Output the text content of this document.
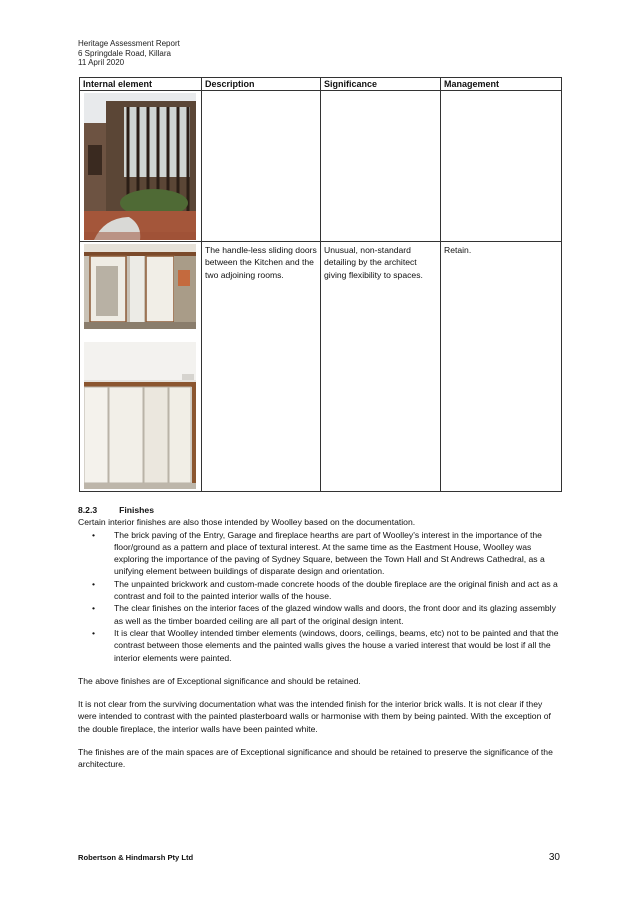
Heritage Assessment Report
6 Springdale Road, Killara
11 April 2020
Internal element	Description	Significance	Management

	The handle-less sliding doors between the Kitchen and the two adjoining rooms.	Unusual, non-standard detailing by the architect giving flexibility to spaces.	Retain.
8.2.3	Finishes

Certain interior finishes are also those intended by Woolley based on the documentation.

• The brick paving of the Entry, Garage and fireplace hearths are part of Woolley's interest in the importance of the floor/ground as a pattern and place of textural interest. At the same time as the Eastment House, Woolley was exploring the importance of the paving of Sydney Square, between the Town Hall and St Andrews Cathedral, as a unifying element between buildings of disparate design and orientation.
• The unpainted brickwork and custom-made concrete hoods of the double fireplace are the original finish and act as a contrast and foil to the painted interior walls of the house.
• The clear finishes on the interior faces of the glazed window walls and doors, the front door and its glazing assembly as well as the timber boarded ceiling are all part of the original design intent.
• It is clear that Woolley intended timber elements (windows, doors, ceilings, beams, etc) not to be painted and that the contrast between those elements and the painted walls gives the house a varied interest that would be lost if all the interior elements were painted.

The above finishes are of Exceptional significance and should be retained.

It is not clear from the surviving documentation what was the intended finish for the interior brick walls. It is not clear if they were intended to contrast with the painted plasterboard walls or harmonise with them by being painted. With the exception of the double fireplace, the interior walls have been painted white.

The finishes are of the main spaces are of Exceptional significance and should be retained to preserve the significance of the architecture.

Robertson & Hindmarsh Pty Ltd	30
